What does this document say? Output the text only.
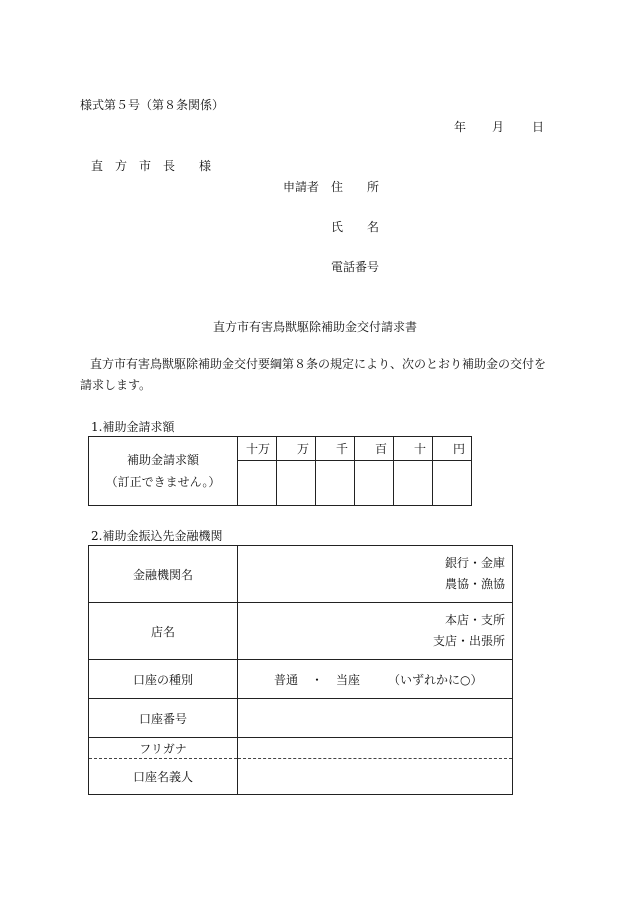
様式第５号（第８条関係）
年 月 日
直 方 市 長 様
申請者 住 所
氏 名
電話番号
直方市有害鳥獣駆除補助金交付請求書
直方市有害鳥獣駆除補助金交付要綱第８条の規定により、次のとおり補助金の交付を
請求します。
1.補助金請求額
補助金請求額
（訂正できません。）	十万	万	千	百	十	円

2.補助金振込先金融機関
金融機関名	銀行・金庫
農協・漁協

店名	本店・支所
支店・出張所

口座の種別	普通 ・ 当座 （いずれかに○）
口座番号	
フリガナ	
口座名義人	
